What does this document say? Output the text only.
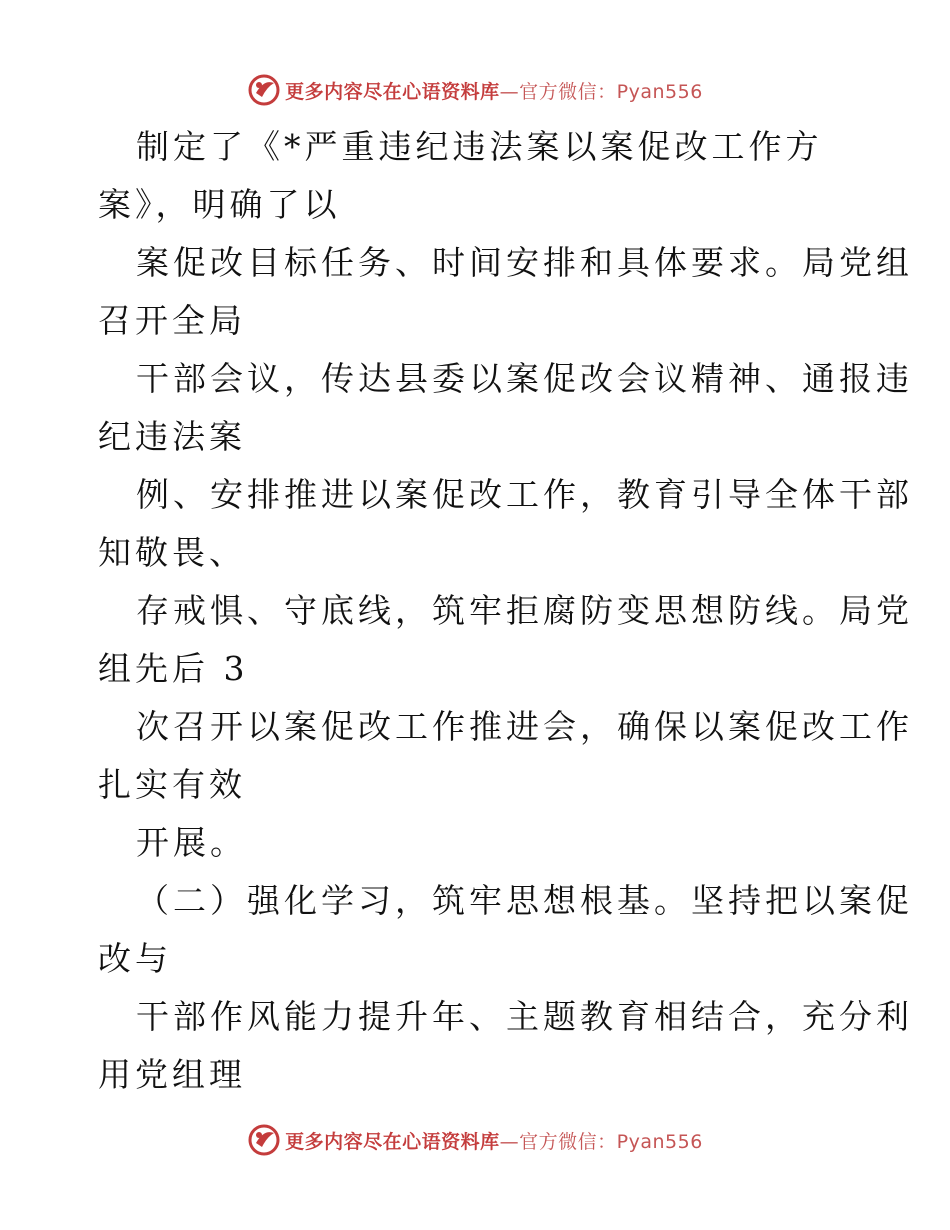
更多内容尽在心语资料库—官方微信：Pyan556
制定了《*严重违纪违法案以案促改工作方
案》，明确了以
案促改目标任务、时间安排和具体要求。局党组
召开全局
干部会议，传达县委以案促改会议精神、通报违
纪违法案
例、安排推进以案促改工作，教育引导全体干部
知敬畏、
存戒惧、守底线，筑牢拒腐防变思想防线。局党
组先后 3
次召开以案促改工作推进会，确保以案促改工作
扎实有效
开展。
（二）强化学习，筑牢思想根基。坚持把以案促
改与
干部作风能力提升年、主题教育相结合，充分利
用党组理
更多内容尽在心语资料库—官方微信：Pyan556
